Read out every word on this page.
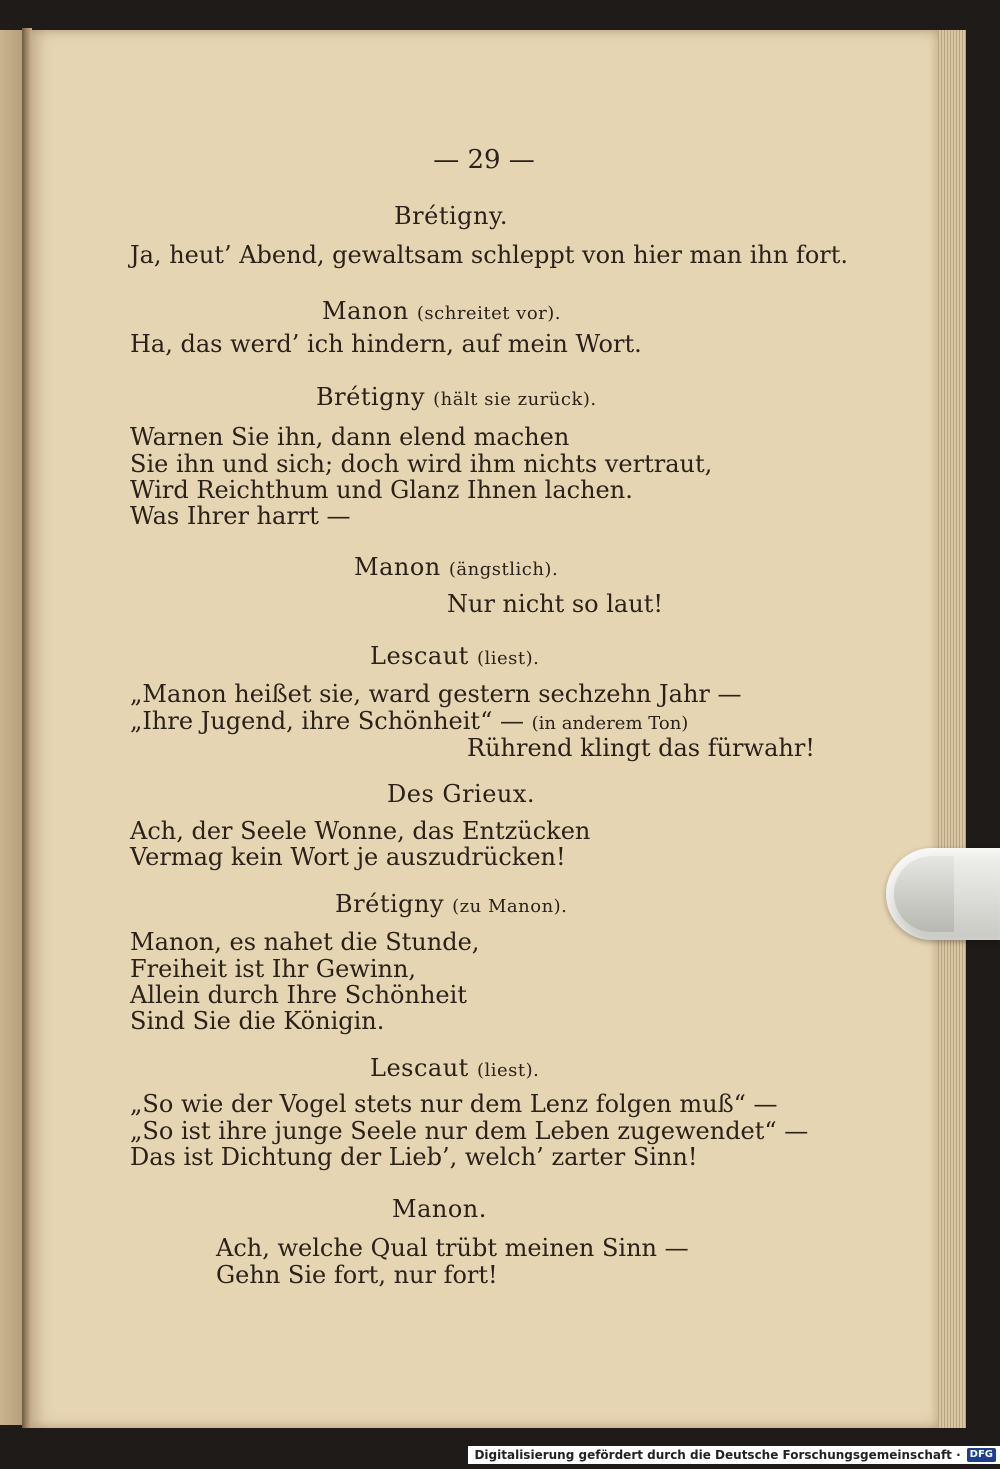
— 29 —
Brétigny.
Ja, heut’ Abend, gewaltsam schleppt von hier man ihn fort.
Manon (schreitet vor).
Ha, das werd’ ich hindern, auf mein Wort.
Brétigny (hält sie zurück).
Warnen Sie ihn, dann elend machen
Sie ihn und sich; doch wird ihm nichts vertraut,
Wird Reichthum und Glanz Ihnen lachen.
Was Ihrer harrt —
Manon (ängstlich).
Nur nicht so laut!
Lescaut (liest).
„Manon heißet sie, ward gestern sechzehn Jahr —
„Ihre Jugend, ihre Schönheit“ — (in anderem Ton)
Rührend klingt das fürwahr!
Des Grieux.
Ach, der Seele Wonne, das Entzücken
Vermag kein Wort je auszudrücken!
Brétigny (zu Manon).
Manon, es nahet die Stunde,
Freiheit ist Ihr Gewinn,
Allein durch Ihre Schönheit
Sind Sie die Königin.
Lescaut (liest).
„So wie der Vogel stets nur dem Lenz folgen muß“ —
„So ist ihre junge Seele nur dem Leben zugewendet“ —
Das ist Dichtung der Lieb’, welch’ zarter Sinn!
Manon.
Ach, welche Qual trübt meinen Sinn —
Gehn Sie fort, nur fort!
Digitalisierung gefördert durch die Deutsche Forschungsgemeinschaft · DFG
